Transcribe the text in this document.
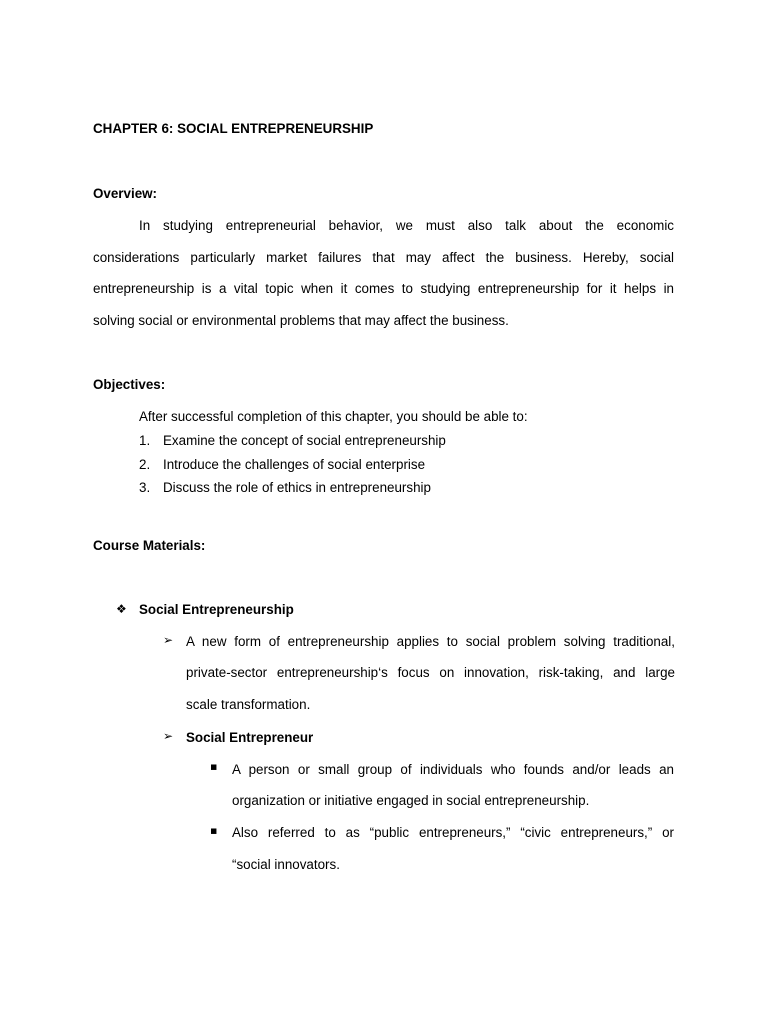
CHAPTER 6: SOCIAL ENTREPRENEURSHIP
Overview:
In studying entrepreneurial behavior, we must also talk about the economic
considerations particularly market failures that may affect the business. Hereby, social
entrepreneurship is a vital topic when it comes to studying entrepreneurship for it helps in
solving social or environmental problems that may affect the business.
Objectives:
After successful completion of this chapter, you should be able to:
1. Examine the concept of social entrepreneurship
2. Introduce the challenges of social enterprise
3. Discuss the role of ethics in entrepreneurship
Course Materials:
❖ Social Entrepreneurship
➢ A new form of entrepreneurship applies to social problem solving traditional,
private-sector entrepreneurship‘s focus on innovation, risk-taking, and large
scale transformation.
➢ Social Entrepreneur
▪ A person or small group of individuals who founds and/or leads an
organization or initiative engaged in social entrepreneurship.
▪ Also referred to as “public entrepreneurs,” “civic entrepreneurs,” or
“social innovators.
